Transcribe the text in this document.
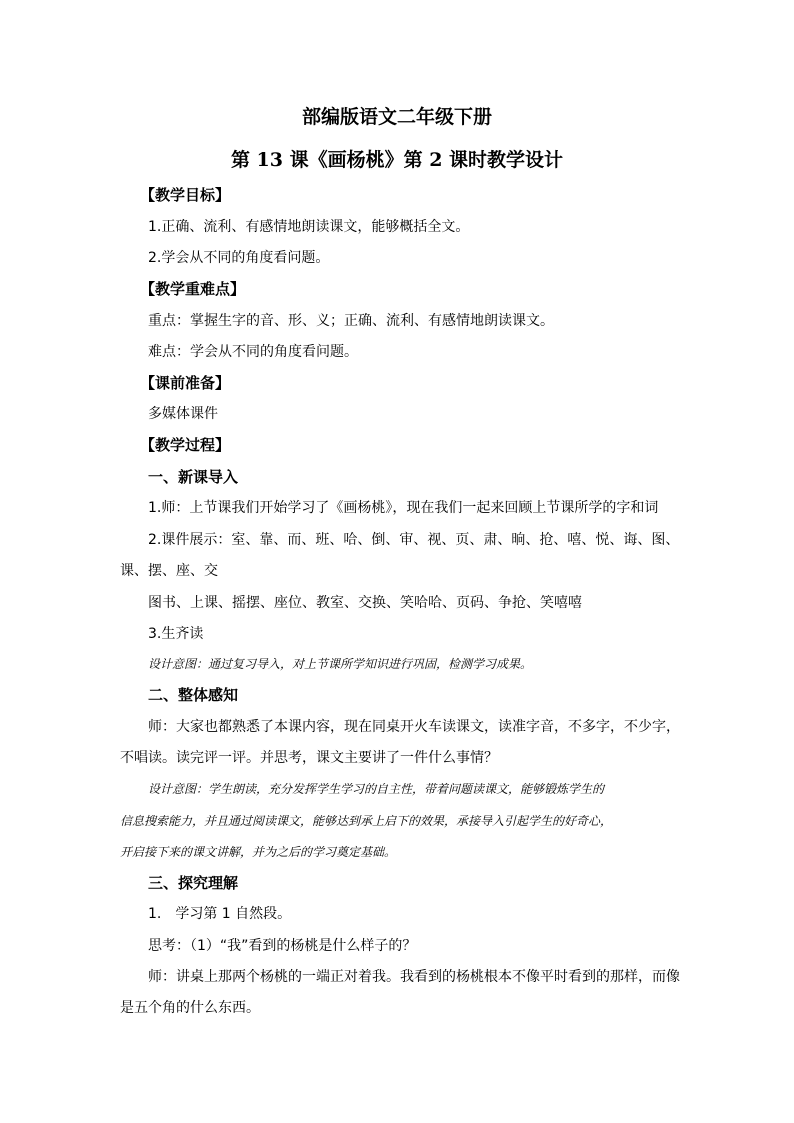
部编版语文二年级下册
第 13 课《画杨桃》第 2 课时教学设计
【教学目标】
1.正确、流利、有感情地朗读课文，能够概括全文。
2.学会从不同的角度看问题。
【教学重难点】
重点：掌握生字的音、形、义；正确、流利、有感情地朗读课文。
难点：学会从不同的角度看问题。
【课前准备】
多媒体课件
【教学过程】
一、新课导入
1.师：上节课我们开始学习了《画杨桃》，现在我们一起来回顾上节课所学的字和词
2.课件展示：室、靠、而、班、哈、倒、审、视、页、肃、晌、抢、嘻、悦、诲、图、
课、摆、座、交
图书、上课、摇摆、座位、教室、交换、笑哈哈、页码、争抢、笑嘻嘻
3.生齐读
设计意图：通过复习导入，对上节课所学知识进行巩固，检测学习成果。
二、整体感知
师：大家也都熟悉了本课内容，现在同桌开火车读课文，读准字音，不多字，不少字，
不唱读。读完评一评。并思考，课文主要讲了一件什么事情？
设计意图：学生朗读，充分发挥学生学习的自主性，带着问题读课文，能够锻炼学生的
信息搜索能力，并且通过阅读课文，能够达到承上启下的效果，承接导入引起学生的好奇心，
开启接下来的课文讲解，并为之后的学习奠定基础。
三、探究理解
1.　学习第 1 自然段。
思考：（1）“我”看到的杨桃是什么样子的？
师：讲桌上那两个杨桃的一端正对着我。我看到的杨桃根本不像平时看到的那样，而像
是五个角的什么东西。
